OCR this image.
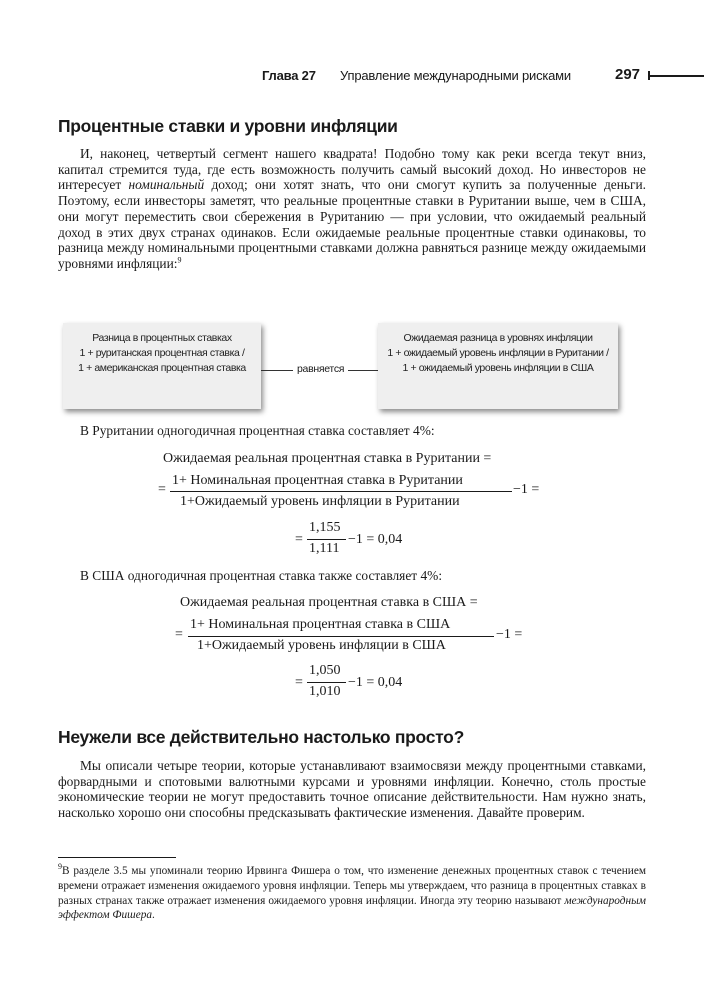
Глава 27 Управление международными рисками	297
Процентные ставки и уровни инфляции

И, наконец, четвертый сегмент нашего квадрата! Подобно тому как реки всегда текут вниз, капитал стремится туда, где есть возможность получить самый высокий доход. Но инвесторов не интересует номинальный доход; они хотят знать, что они смогут купить за полученные деньги. Поэтому, если инвесторы заметят, что реальные процентные ставки в Руритании выше, чем в США, они могут переместить свои сбережения в Руританию — при условии, что ожидаемый реальный доход в этих двух странах одинаков. Если ожидаемые реальные процентные ставки одинаковы, то разница между номинальными процентными ставками должна равняться разнице между ожидаемыми уровнями инфляции:$^9$

Разница в процентных ставках
1 + руританская процентная ставка /
1 + американская процентная ставка	равняется
Ожидаемая разница в уровнях инфляции
1 + ожидаемый уровень инфляции в Руритании /
1 + ожидаемый уровень инфляции в США
В Руритании одногодичная процентная ставка составляет 4%:
Ожидаемая реальная процентная ставка в Руритании =
=
1+ Номинальная процентная ставка в Руритании
1+Ожидаемый уровень инфляции в Руритании
−1 =
=
1,155
1,111
−1 = 0,04
В США одногодичная процентная ставка также составляет 4%:
Ожидаемая реальная процентная ставка в США =
=
1+ Номинальная процентная ставка в США
1+Ожидаемый уровень инфляции в США
−1 =
=
1,050
1,010
−1 = 0,04
Неужели все действительно настолько просто?

Мы описали четыре теории, которые устанавливают взаимосвязи между процентными ставками, форвардными и спотовыми валютными курсами и уровнями инфляции. Конечно, столь простые экономические теории не могут предоставить точное описание действительности. Нам нужно знать, насколько хорошо они способны предсказывать фактические изменения. Давайте проверим.

$^9$В разделе 3.5 мы упоминали теорию Ирвинга Фишера о том, что изменение денежных процентных ставок с течением времени отражает изменения ожидаемого уровня инфляции. Теперь мы утверждаем, что разница в процентных ставках в разных странах также отражает изменения ожидаемого уровня инфляции. Иногда эту теорию называют международным эффектом Фишера.
